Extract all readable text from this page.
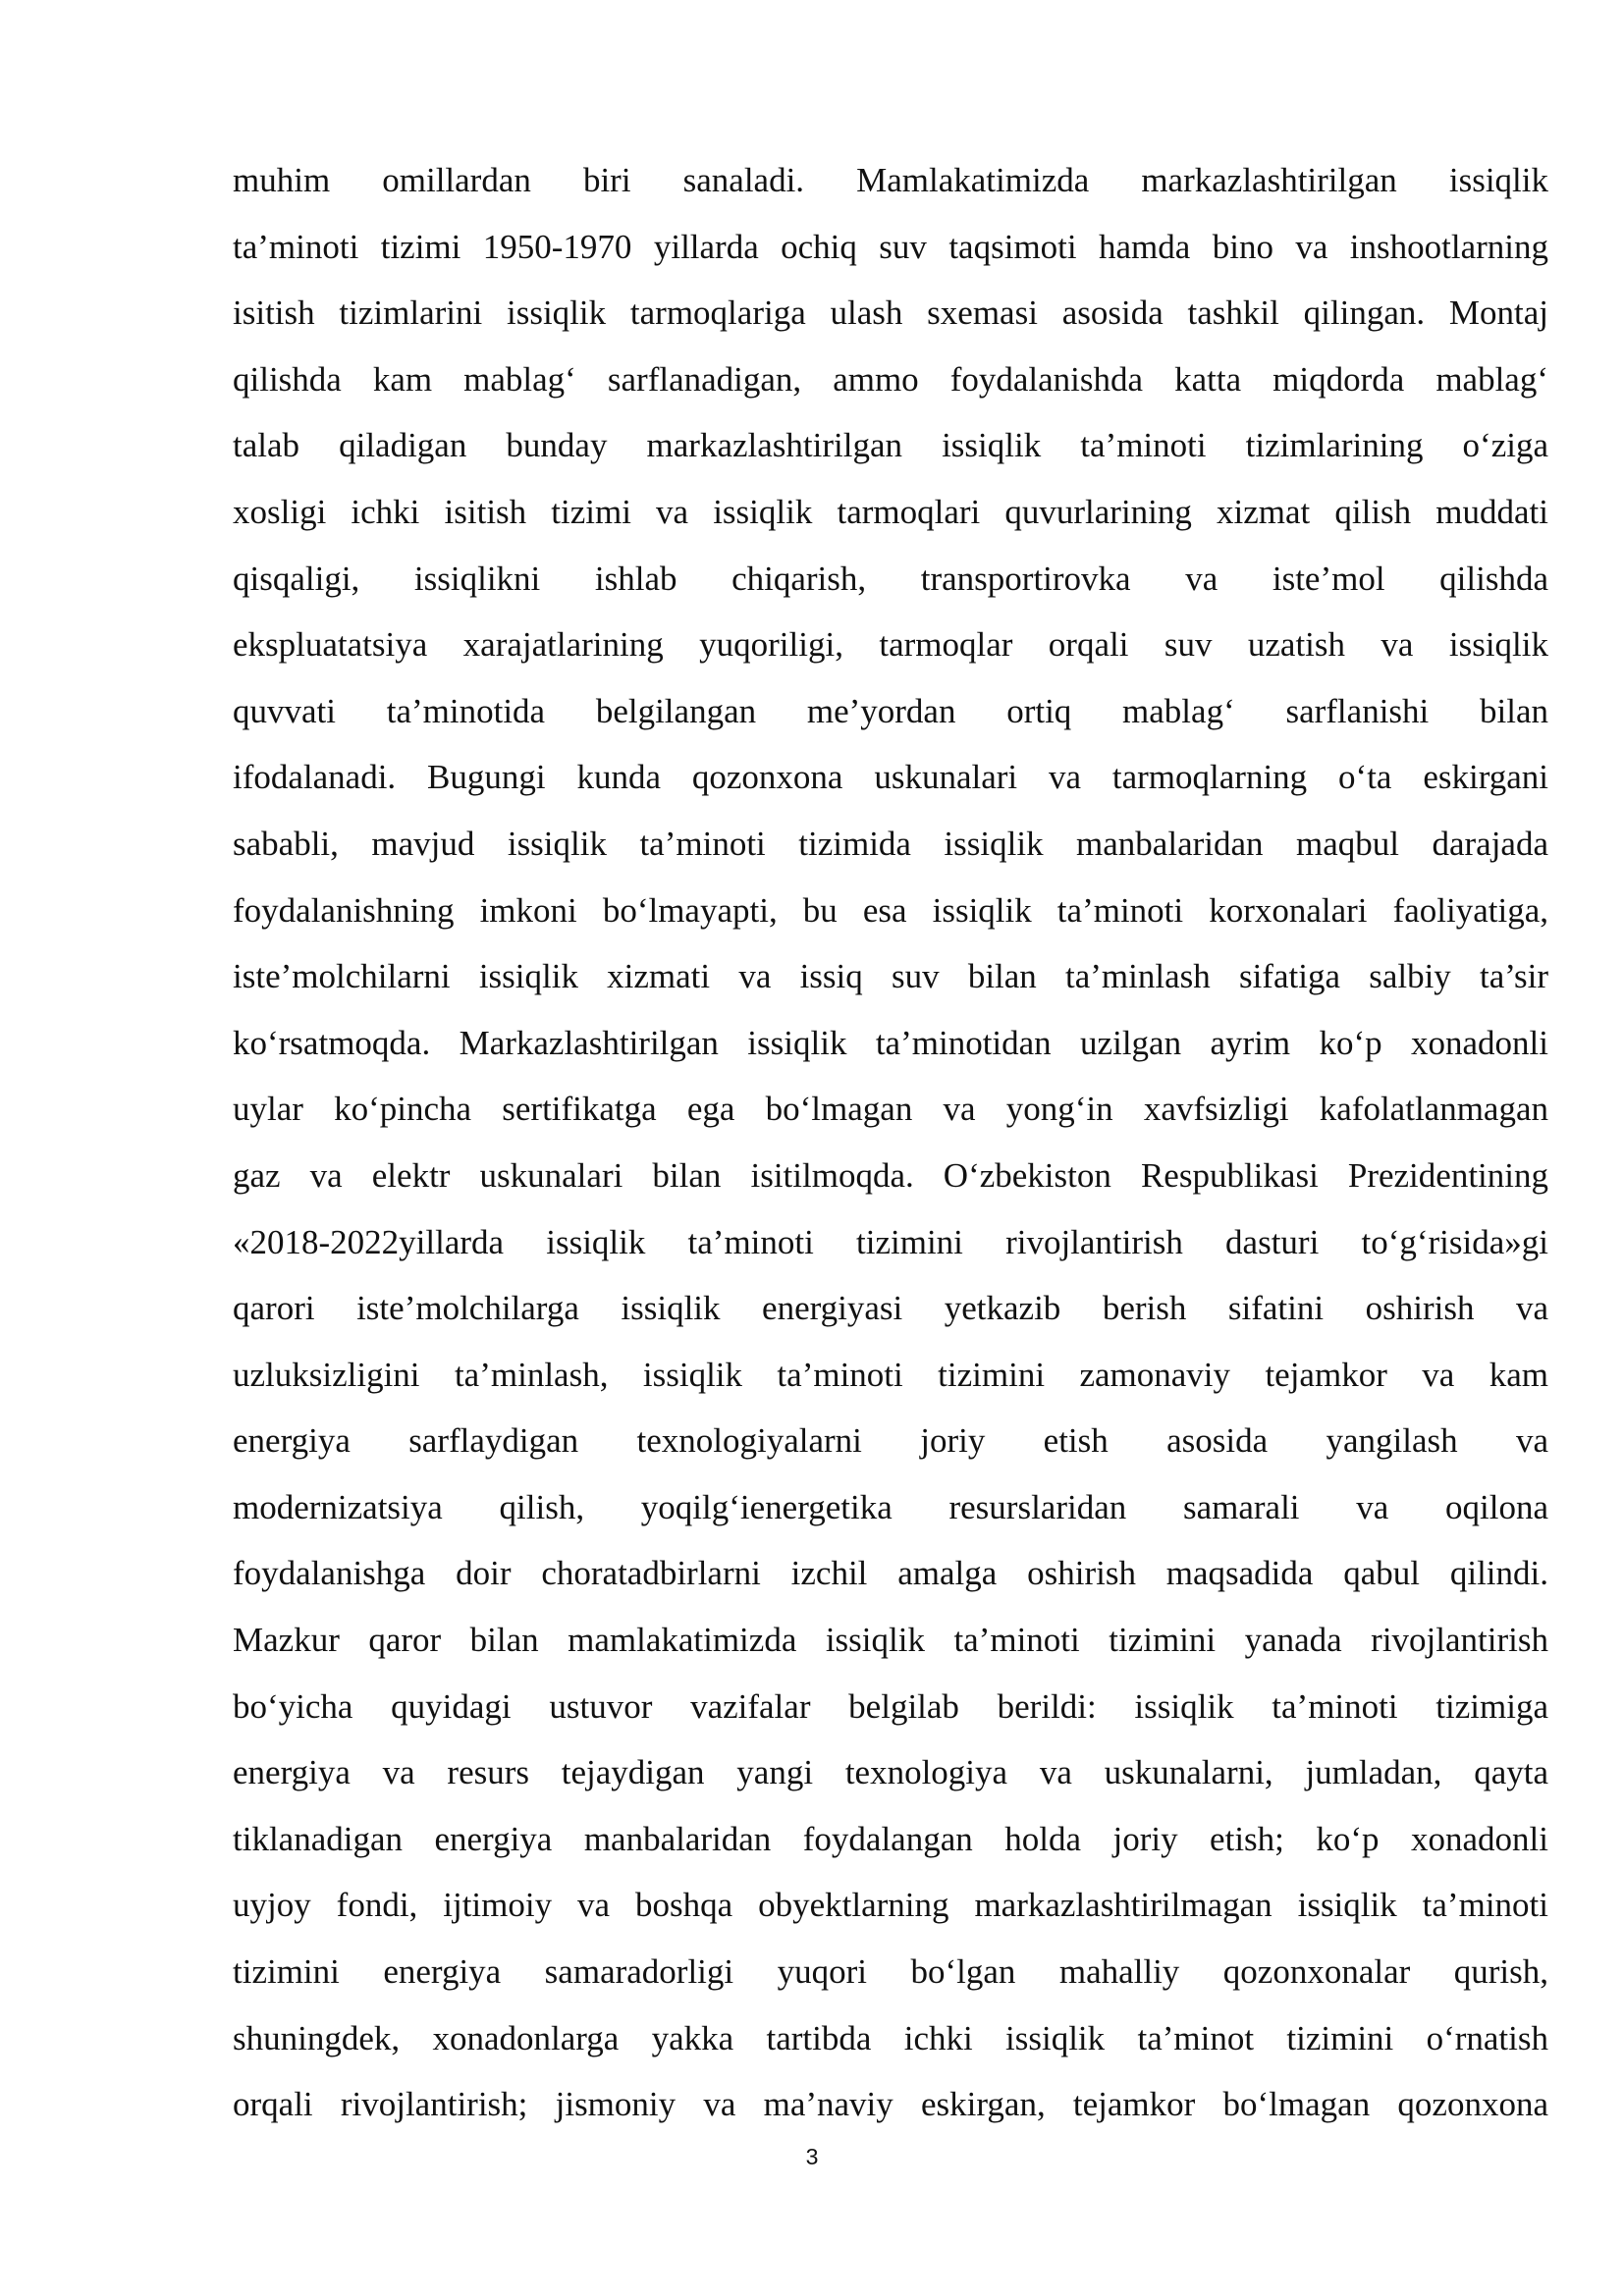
muhim omillardan biri sanaladi. Mamlakatimizda markazlashtirilgan issiqlik
ta’minoti tizimi 1950-1970 yillarda ochiq suv taqsimoti hamda bino va inshootlarning
isitish tizimlarini issiqlik tarmoqlariga ulash sxemasi asosida tashkil qilingan. Montaj
qilishda kam mablag‘ sarflanadigan, ammo foydalanishda katta miqdorda mablag‘
talab qiladigan bunday markazlashtirilgan issiqlik ta’minoti tizimlarining o‘ziga
xosligi ichki isitish tizimi va issiqlik tarmoqlari quvurlarining xizmat qilish muddati
qisqaligi, issiqlikni ishlab chiqarish, transportirovka va iste’mol qilishda
ekspluatatsiya xarajatlarining yuqoriligi, tarmoqlar orqali suv uzatish va issiqlik
quvvati ta’minotida belgilangan me’yordan ortiq mablag‘ sarflanishi bilan
ifodalanadi. Bugungi kunda qozonxona uskunalari va tarmoqlarning o‘ta eskirgani
sababli, mavjud issiqlik ta’minoti tizimida issiqlik manbalaridan maqbul darajada
foydalanishning imkoni bo‘lmayapti, bu esa issiqlik ta’minoti korxonalari faoliyatiga,
iste’molchilarni issiqlik xizmati va issiq suv bilan ta’minlash sifatiga salbiy ta’sir
ko‘rsatmoqda. Markazlashtirilgan issiqlik ta’minotidan uzilgan ayrim ko‘p xonadonli
uylar ko‘pincha sertifikatga ega bo‘lmagan va yong‘in xavfsizligi kafolatlanmagan
gaz va elektr uskunalari bilan isitilmoqda. O‘zbekiston Respublikasi Prezidentining
«2018-2022yillarda issiqlik ta’minoti tizimini rivojlantirish dasturi to‘g‘risida»gi
qarori iste’molchilarga issiqlik energiyasi yetkazib berish sifatini oshirish va
uzluksizligini ta’minlash, issiqlik ta’minoti tizimini zamonaviy tejamkor va kam
energiya sarflaydigan texnologiyalarni joriy etish asosida yangilash va
modernizatsiya qilish, yoqilg‘ienergetika resurslaridan samarali va oqilona
foydalanishga doir choratadbirlarni izchil amalga oshirish maqsadida qabul qilindi.
Mazkur qaror bilan mamlakatimizda issiqlik ta’minoti tizimini yanada rivojlantirish
bo‘yicha quyidagi ustuvor vazifalar belgilab berildi: issiqlik ta’minoti tizimiga
energiya va resurs tejaydigan yangi texnologiya va uskunalarni, jumladan, qayta
tiklanadigan energiya manbalaridan foydalangan holda joriy etish; ko‘p xonadonli
uyjoy fondi, ijtimoiy va boshqa obyektlarning markazlashtirilmagan issiqlik ta’minoti
tizimini energiya samaradorligi yuqori bo‘lgan mahalliy qozonxonalar qurish,
shuningdek, xonadonlarga yakka tartibda ichki issiqlik ta’minot tizimini o‘rnatish
orqali rivojlantirish; jismoniy va ma’naviy eskirgan, tejamkor bo‘lmagan qozonxona
3
